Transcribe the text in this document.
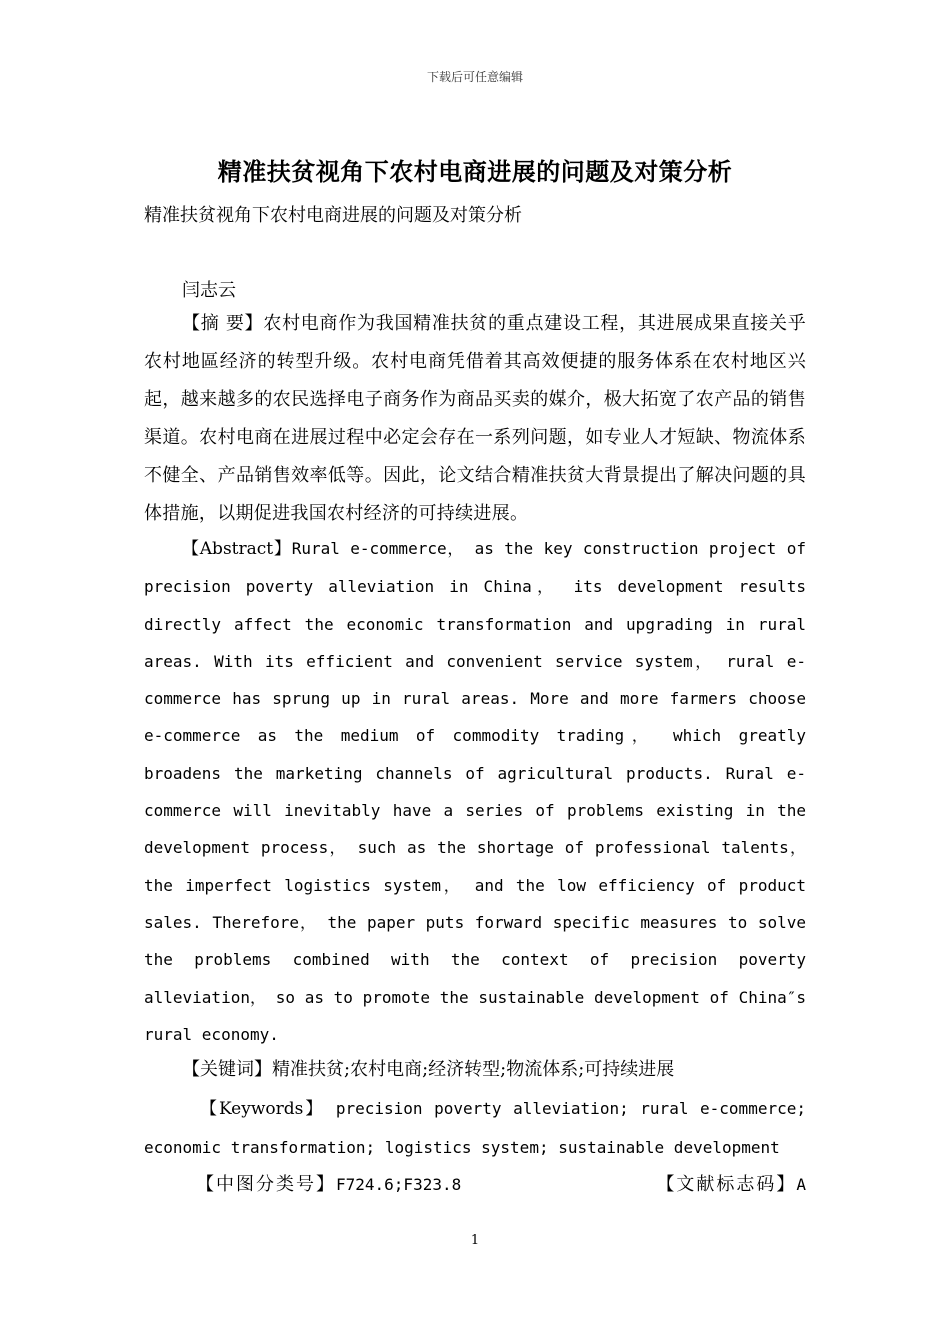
下载后可任意编辑
精准扶贫视角下农村电商进展的问题及对策分析
精准扶贫视角下农村电商进展的问题及对策分析
闫志云
【摘 要】农村电商作为我国精准扶贫的重点建设工程，其进展成果直接关乎农村地區经济的转型升级。农村电商凭借着其高效便捷的服务体系在农村地区兴起，越来越多的农民选择电子商务作为商品买卖的媒介，极大拓宽了农产品的销售渠道。农村电商在进展过程中必定会存在一系列问题，如专业人才短缺、物流体系不健全、产品销售效率低等。因此，论文结合精准扶贫大背景提出了解决问题的具体措施，以期促进我国农村经济的可持续进展。
【Abstract】Rural e-commerce， as the key construction project of precision poverty alleviation in China， its development results directly affect the economic transformation and upgrading in rural areas. With its efficient and convenient service system， rural e-commerce has sprung up in rural areas. More and more farmers choose e-commerce as the medium of commodity trading， which greatly broadens the marketing channels of agricultural products. Rural e-commerce will inevitably have a series of problems existing in the development process， such as the shortage of professional talents， the imperfect logistics system， and the low efficiency of product sales. Therefore， the paper puts forward specific measures to solve the problems combined with the context of precision poverty alleviation， so as to promote the sustainable development of China″s rural economy.
【关键词】精准扶贫;农村电商;经济转型;物流体系;可持续进展
【Keywords】 precision poverty alleviation; rural e-commerce; economic transformation; logistics system; sustainable development
【中图分类号】F724.6;F323.8	【文献标志码】A
1
